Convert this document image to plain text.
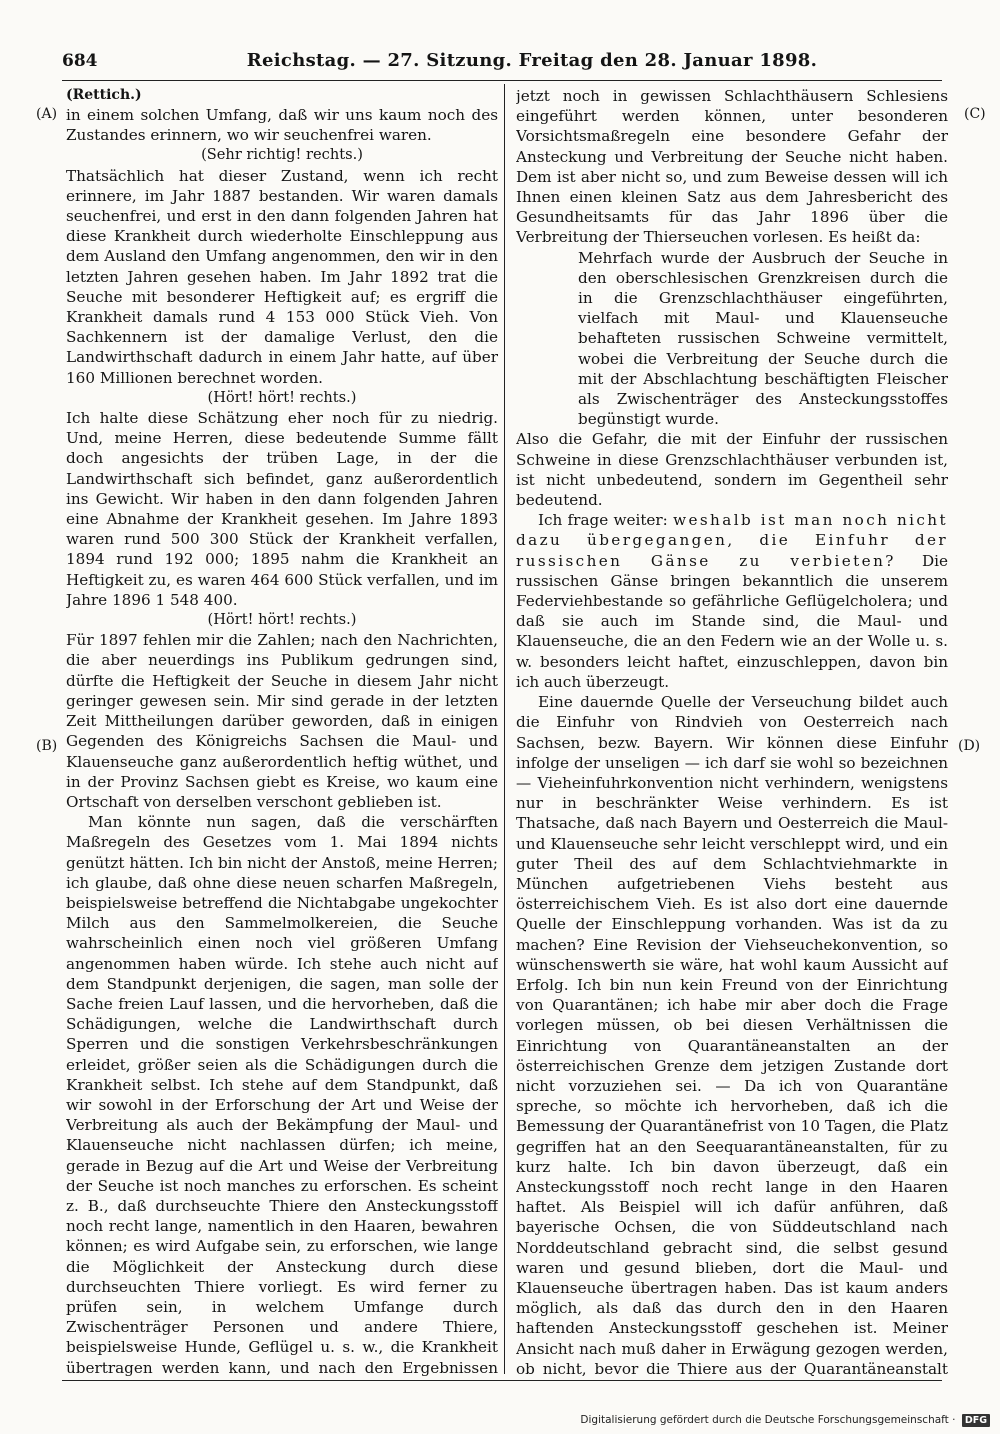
684	Reichstag. — 27. Sitzung. Freitag den 28. Januar 1898.
(A)
(B)
(C)
(D)

(Rettich.)

in einem solchen Umfang, daß wir uns kaum noch des Zustandes erinnern, wo wir seuchenfrei waren.

(Sehr richtig! rechts.)

Thatsächlich hat dieser Zustand, wenn ich recht erinnere, im Jahr 1887 bestanden. Wir waren damals seuchenfrei, und erst in den dann folgenden Jahren hat diese Krankheit durch wiederholte Einschleppung aus dem Ausland den Umfang angenommen, den wir in den letzten Jahren gesehen haben. Im Jahr 1892 trat die Seuche mit besonderer Heftigkeit auf; es ergriff die Krankheit damals rund 4 153 000 Stück Vieh. Von Sachkennern ist der damalige Verlust, den die Landwirthschaft dadurch in einem Jahr hatte, auf über 160 Millionen berechnet worden.

(Hört! hört! rechts.)

Ich halte diese Schätzung eher noch für zu niedrig. Und, meine Herren, diese bedeutende Summe fällt doch angesichts der trüben Lage, in der die Landwirthschaft sich befindet, ganz außerordentlich ins Gewicht. Wir haben in den dann folgenden Jahren eine Abnahme der Krankheit gesehen. Im Jahre 1893 waren rund 500 300 Stück der Krankheit verfallen, 1894 rund 192 000; 1895 nahm die Krankheit an Heftigkeit zu, es waren 464 600 Stück verfallen, und im Jahre 1896 1 548 400.

(Hört! hört! rechts.)

Für 1897 fehlen mir die Zahlen; nach den Nachrichten, die aber neuerdings ins Publikum gedrungen sind, dürfte die Heftigkeit der Seuche in diesem Jahr nicht geringer gewesen sein. Mir sind gerade in der letzten Zeit Mittheilungen darüber geworden, daß in einigen Gegenden des Königreichs Sachsen die Maul- und Klauenseuche ganz außerordentlich heftig wüthet, und in der Provinz Sachsen giebt es Kreise, wo kaum eine Ortschaft von derselben verschont geblieben ist.

Man könnte nun sagen, daß die verschärften Maßregeln des Gesetzes vom 1. Mai 1894 nichts genützt hätten. Ich bin nicht der Anstoß, meine Herren; ich glaube, daß ohne diese neuen scharfen Maßregeln, beispielsweise betreffend die Nichtabgabe ungekochter Milch aus den Sammelmolkereien, die Seuche wahrscheinlich einen noch viel größeren Umfang angenommen haben würde. Ich stehe auch nicht auf dem Standpunkt derjenigen, die sagen, man solle der Sache freien Lauf lassen, und die hervorheben, daß die Schädigungen, welche die Landwirthschaft durch Sperren und die sonstigen Verkehrsbeschränkungen erleidet, größer seien als die Schädigungen durch die Krankheit selbst. Ich stehe auf dem Standpunkt, daß wir sowohl in der Erforschung der Art und Weise der Verbreitung als auch der Bekämpfung der Maul- und Klauenseuche nicht nachlassen dürfen; ich meine, gerade in Bezug auf die Art und Weise der Verbreitung der Seuche ist noch manches zu erforschen. Es scheint z. B., daß durchseuchte Thiere den Ansteckungsstoff noch recht lange, namentlich in den Haaren, bewahren können; es wird Aufgabe sein, zu erforschen, wie lange die Möglichkeit der Ansteckung durch diese durchseuchten Thiere vorliegt. Es wird ferner zu prüfen sein, in welchem Umfange durch Zwischenträger Personen und andere Thiere, beispielsweise Hunde, Geflügel u. s. w., die Krankheit übertragen werden kann, und nach den Ergebnissen

jetzt noch in gewissen Schlachthäusern Schlesiens eingeführt werden können, unter besonderen Vorsichtsmaßregeln eine besondere Gefahr der Ansteckung und Verbreitung der Seuche nicht haben. Dem ist aber nicht so, und zum Beweise dessen will ich Ihnen einen kleinen Satz aus dem Jahresbericht des Gesundheitsamts für das Jahr 1896 über die Verbreitung der Thierseuchen vorlesen. Es heißt da:

Mehrfach wurde der Ausbruch der Seuche in den oberschlesischen Grenzkreisen durch die in die Grenzschlachthäuser eingeführten, vielfach mit Maul- und Klauenseuche behafteten russischen Schweine vermittelt, wobei die Verbreitung der Seuche durch die mit der Abschlachtung beschäftigten Fleischer als Zwischenträger des Ansteckungsstoffes begünstigt wurde.

Also die Gefahr, die mit der Einfuhr der russischen Schweine in diese Grenzschlachthäuser verbunden ist, ist nicht unbedeutend, sondern im Gegentheil sehr bedeutend.

Ich frage weiter: weshalb ist man noch nicht dazu übergegangen, die Einfuhr der russischen Gänse zu verbieten? Die russischen Gänse bringen bekanntlich die unserem Federviehbestande so gefährliche Geflügelcholera; und daß sie auch im Stande sind, die Maul- und Klauenseuche, die an den Federn wie an der Wolle u. s. w. besonders leicht haftet, einzuschleppen, davon bin ich auch überzeugt.

Eine dauernde Quelle der Verseuchung bildet auch die Einfuhr von Rindvieh von Oesterreich nach Sachsen, bezw. Bayern. Wir können diese Einfuhr infolge der unseligen — ich darf sie wohl so bezeichnen — Vieheinfuhrkonvention nicht verhindern, wenigstens nur in beschränkter Weise verhindern. Es ist Thatsache, daß nach Bayern und Oesterreich die Maul- und Klauenseuche sehr leicht verschleppt wird, und ein guter Theil des auf dem Schlachtviehmarkte in München aufgetriebenen Viehs besteht aus österreichischem Vieh. Es ist also dort eine dauernde Quelle der Einschleppung vorhanden. Was ist da zu machen? Eine Revision der Viehseuchekonvention, so wünschenswerth sie wäre, hat wohl kaum Aussicht auf Erfolg. Ich bin nun kein Freund von der Einrichtung von Quarantänen; ich habe mir aber doch die Frage vorlegen müssen, ob bei diesen Verhältnissen die Einrichtung von Quarantäneanstalten an der österreichischen Grenze dem jetzigen Zustande dort nicht vorzuziehen sei. — Da ich von Quarantäne spreche, so möchte ich hervorheben, daß ich die Bemessung der Quarantänefrist von 10 Tagen, die Platz gegriffen hat an den Seequarantäneanstalten, für zu kurz halte. Ich bin davon überzeugt, daß ein Ansteckungsstoff noch recht lange in den Haaren haftet. Als Beispiel will ich dafür anführen, daß bayerische Ochsen, die von Süddeutschland nach Norddeutschland gebracht sind, die selbst gesund waren und gesund blieben, dort die Maul- und Klauenseuche übertragen haben. Das ist kaum anders möglich, als daß das durch den in den Haaren haftenden Ansteckungsstoff geschehen ist. Meiner Ansicht nach muß daher in Erwägung gezogen werden, ob nicht, bevor die Thiere aus der Quarantäneanstalt

Digitalisierung gefördert durch die Deutsche Forschungsgemeinschaft · DFG
